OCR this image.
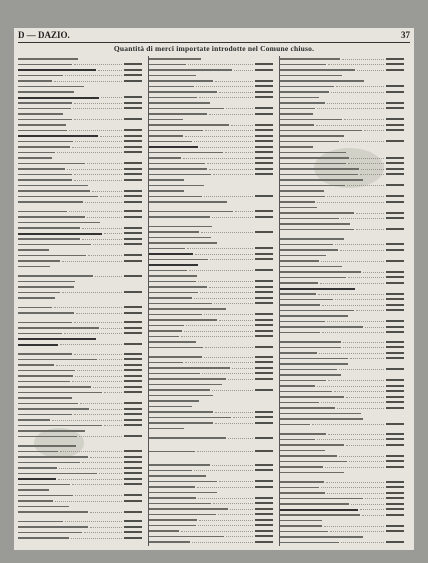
D — DAZIO.	37
Quantità di merci importate introdotte nel Comune chiuso.
